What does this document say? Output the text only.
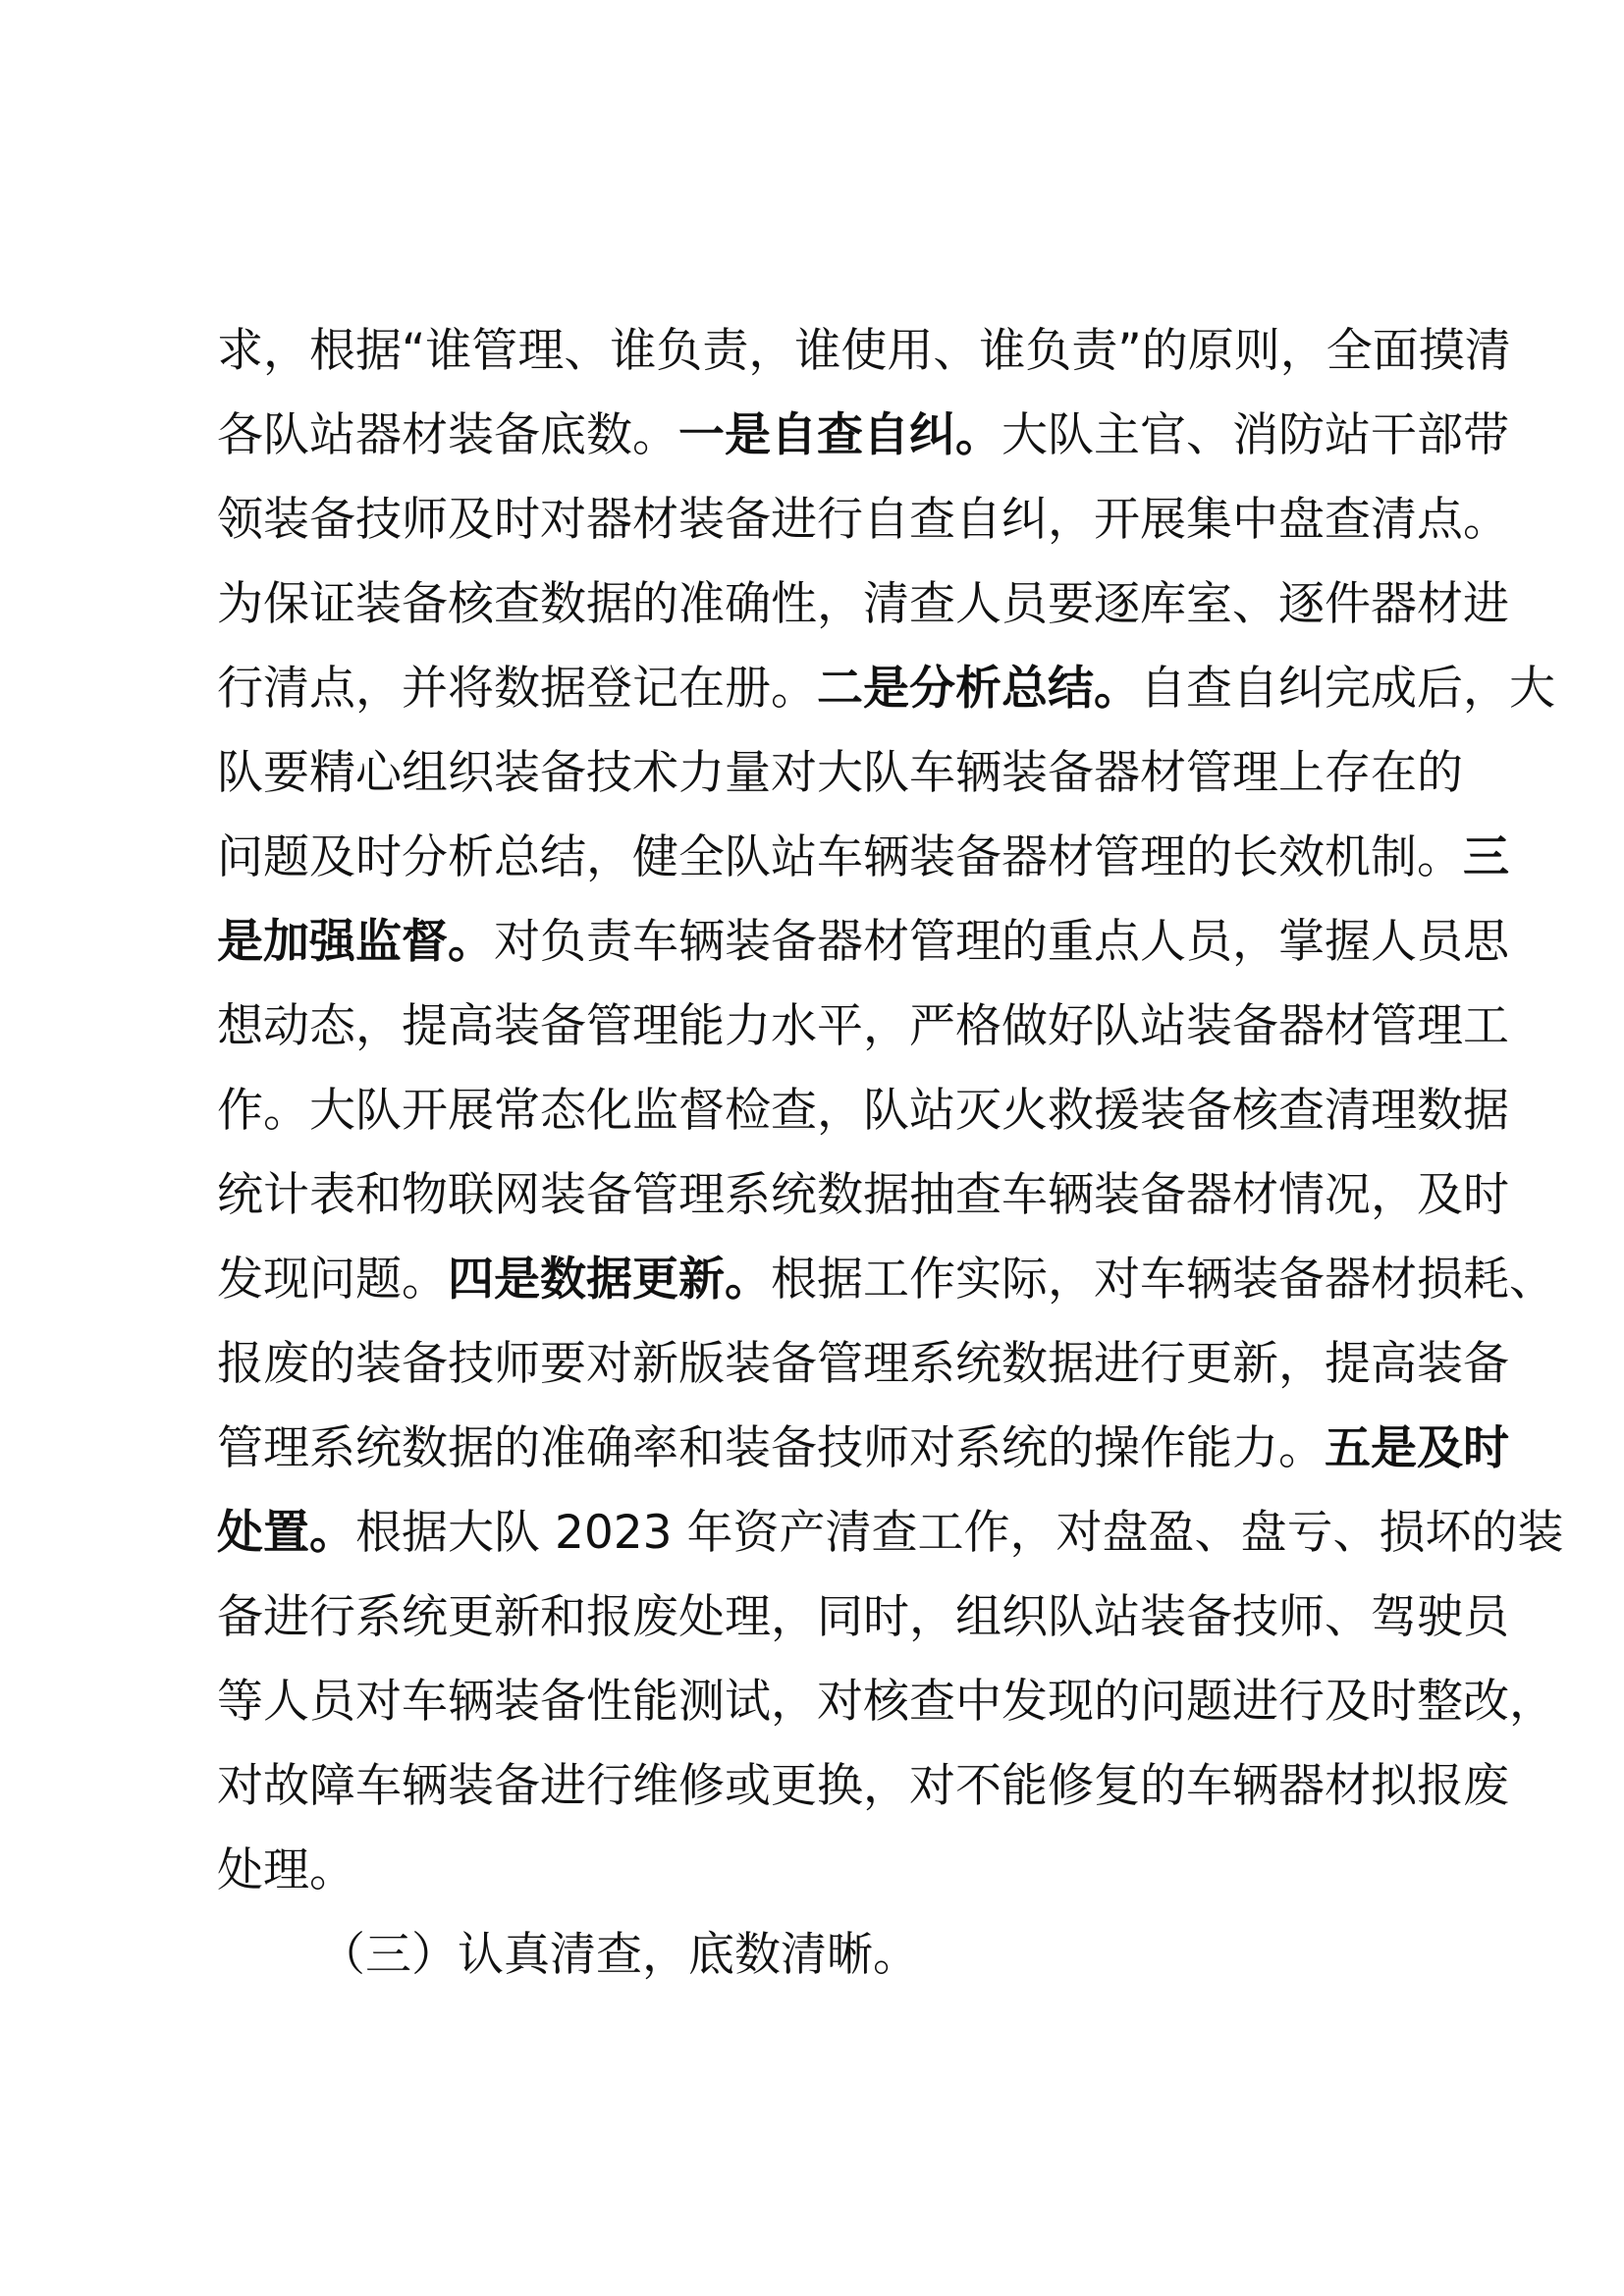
求，根据“谁管理、谁负责，谁使用、谁负责”的原则，全面摸清
各队站器材装备底数。一是自查自纠。大队主官、消防站干部带
领装备技师及时对器材装备进行自查自纠，开展集中盘查清点。
为保证装备核查数据的准确性，清查人员要逐库室、逐件器材进
行清点，并将数据登记在册。二是分析总结。自查自纠完成后，大
队要精心组织装备技术力量对大队车辆装备器材管理上存在的
问题及时分析总结，健全队站车辆装备器材管理的长效机制。三
是加强监督。对负责车辆装备器材管理的重点人员，掌握人员思
想动态，提高装备管理能力水平，严格做好队站装备器材管理工
作。大队开展常态化监督检查，队站灭火救援装备核查清理数据
统计表和物联网装备管理系统数据抽查车辆装备器材情况，及时
发现问题。四是数据更新。根据工作实际，对车辆装备器材损耗、
报废的装备技师要对新版装备管理系统数据进行更新，提高装备
管理系统数据的准确率和装备技师对系统的操作能力。五是及时
处置。根据大队 2023 年资产清查工作，对盘盈、盘亏、损坏的装
备进行系统更新和报废处理，同时，组织队站装备技师、驾驶员
等人员对车辆装备性能测试，对核查中发现的问题进行及时整改，
对故障车辆装备进行维修或更换，对不能修复的车辆器材拟报废
处理。
（三）认真清查，底数清晰。
